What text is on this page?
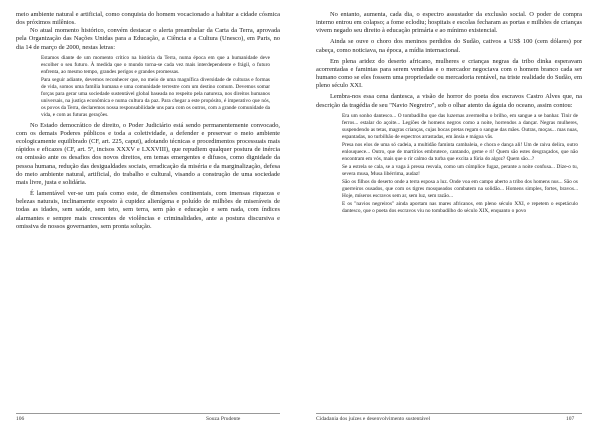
meio ambiente natural e artificial, como conquista do homem vocacionado a habitar a cidade cósmica dos próximos milênios.

No atual momento histórico, convém destacar o alerta preambular da Carta da Terra, aprovada pela Organização das Nações Unidas para a Educação, a Ciência e a Cultura (Unesco), em Paris, no dia 14 de março de 2000, nestas letras:

Estamos diante de um momento crítico na história da Terra, numa época em que a humanidade deve escolher o seu futuro. À medida que o mundo torna-se cada vez mais interdependente e frágil, o futuro enfrenta, ao mesmo tempo, grandes perigos e grandes promessas.

Para seguir adiante, devemos reconhecer que, no meio de uma magnífica diversidade de culturas e formas de vida, somos uma família humana e uma comunidade terrestre com um destino comum. Devemos somar forças para gerar uma sociedade sustentável global baseada no respeito pela natureza, nos direitos humanos universais, na justiça econômica e numa cultura da paz. Para chegar a este propósito, é imperativo que nós, os povos da Terra, declaremos nossa responsabilidade uns para com os outros, com a grande comunidade da vida, e com as futuras gerações.

No Estado democrático de direito, o Poder Judiciário está sendo permanentemente convocado, com os demais Poderes públicos e toda a coletividade, a defender e preservar o meio ambiente ecologicamente equilibrado (CF, art. 225, caput), adotando técnicas e procedimentos processuais mais rápidos e eficazes (CF, art. 5º, incisos XXXV e LXXVIII), que repudiem qualquer postura de inércia ou omissão ante os desafios dos novos direitos, em temas emergentes e difusos, como dignidade da pessoa humana, redução das desigualdades sociais, erradicação da miséria e da marginalização, defesa do meio ambiente natural, artificial, do trabalho e cultural, visando a construção de uma sociedade mais livre, justa e solidária.

É lamentável ver-se um país como este, de dimensões continentais, com imensas riquezas e belezas naturais, inclinamente exposto à cupidez alienígena e poluído de milhões de miseráveis de todas as idades, sem saúde, sem teto, sem terra, sem pão e educação e sem nada, com índices alarmantes e sempre mais crescentes de violências e criminalidades, ante a postura discursiva e omissiva de nossos governantes, sem pronta solução.

106	Souza Prudente

No entanto, aumenta, cada dia, o espectro assustador da exclusão social. O poder de compra interno entrou em colapso; a fome eclodiu; hospitais e escolas fecharam as portas e milhões de crianças vivem negado seu direito à educação primária e ao mínimo existencial.

Ainda se ouve o choro dos meninos perdidos do Sudão, cativos a US$ 100 (cem dólares) por cabeça, como noticiava, na época, a mídia internacional.

Em plena aridez do deserto africano, mulheres e crianças negras da tribo dinka esperavam acorrentadas e famintas para serem vendidas e o mercador negociava com o homem branco cada ser humano como se eles fossem uma propriedade ou mercadoria rentável, na triste realidade do Sudão, em pleno século XXI.

Lembra-nos essa cena dantesca, a visão de horror do poeta dos escravos Castro Alves que, na descrição da tragédia de seu "Navio Negreiro", sob o olhar atento da águia do oceano, assim contou:

Era um sonho dantesco... O tombadilho que das luzernas avermelha o brilho, em sangue a se banhar. Tinir de ferros... estalar do açoite... Legiões de homens negros como a noite, horrendos a dançar. Negras mulheres, suspendendo as tetas, magras crianças, cujas bocas pretas regam o sangue das mães. Outras, moças... mas nuas, espantadas, no turbilhão de espectros arrastadas, em ânsia e mágoa vãs.

Presa nos elos de uma só cadeia, a multidão faminta cambaleia, e chora e dança ali! Um de raiva delira, outro enlouquece... Outro, que de martírios embrutece, cantando, geme e ri! Quem são estes desgraçados, que não encontram em vós, mais que o rir calmo da turba que excita a fúria do algoz? Quem são...?

Se a estrela se cala, se a vaga à pressa resvala, como um cúmplice fugaz, perante a noite confusa... Dize-o tu, severa musa, Musa libérrima, audaz!

São os filhos do deserto onde a terra esposa a luz. Onde voa em campo aberto a tribo dos homens nus... São os guerreiros ousados, que com os tigres mosqueados combatem na solidão... Homens simples, fortes, bravos... Hoje, míseros escravos sem ar, sem luz, sem razão...

E os "navios negreiros" ainda aportam nas mares africanos, em pleno século XXI, e repetem o espetáculo dantesco, que o poeta dos escravos viu no tombadilho do século XIX, enquanto o povo

Cidadania dos juízes e desenvolvimento sustentável	107
